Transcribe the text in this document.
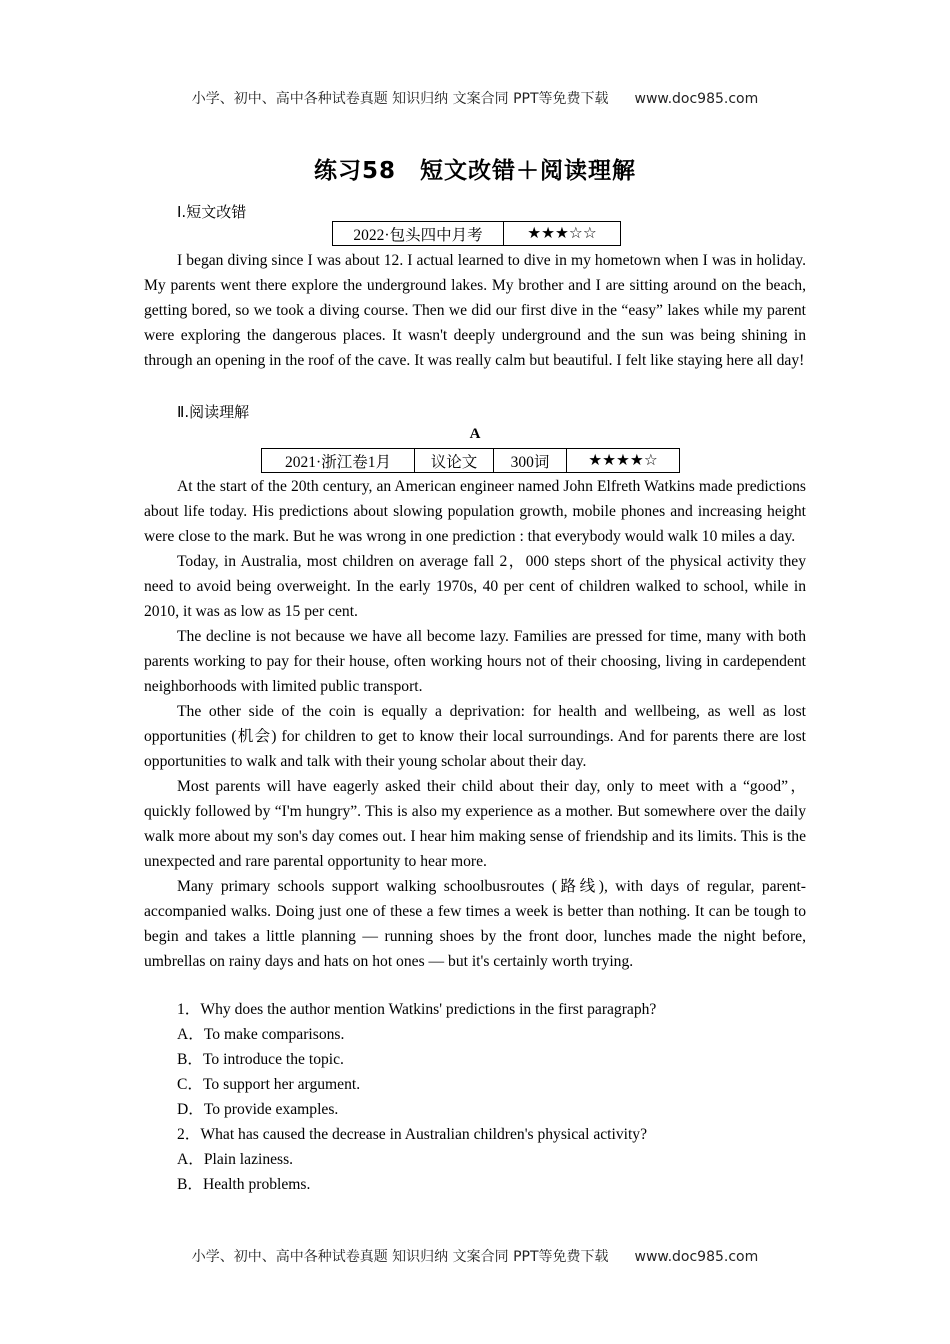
小学、初中、高中各种试卷真题 知识归纳 文案合同 PPT等免费下载 www.doc985.com
练习58　短文改错＋阅读理解
Ⅰ.短文改错
2022·包头四中月考	★★★☆☆

I began diving since I was about 12. I actual learned to dive in my hometown when I was in holiday. My parents went there explore the underground lakes. My brother and I are sitting around on the beach, getting bored, so we took a diving course. Then we did our first dive in the “easy” lakes while my parent were exploring the dangerous places. It wasn't deeply underground and the sun was being shining in through an opening in the roof of the cave. It was really calm but beautiful. I felt like staying here all day!

Ⅱ.阅读理解
A
2021·浙江卷1月	议论文	300词	★★★★☆

At the start of the 20th century, an American engineer named John Elfreth Watkins made predictions about life today. His predictions about slowing population growth, mobile phones and increasing height were close to the mark. But he was wrong in one prediction : that everybody would walk 10 miles a day.

Today, in Australia, most children on average fall 2，000 steps short of the physical activity they need to avoid being overweight. In the early 1970s, 40 per cent of children walked to school, while in 2010, it was as low as 15 per cent.

The decline is not because we have all become lazy. Families are pressed for time, many with both parents working to pay for their house, often working hours not of their choosing, living in cardependent neighborhoods with limited public transport.

The other side of the coin is equally a deprivation: for health and wellbeing, as well as lost opportunities (机会) for children to get to know their local surroundings. And for parents there are lost opportunities to walk and talk with their young scholar about their day.

Most parents will have eagerly asked their child about their day, only to meet with a “good”， quickly followed by “I'm hungry”. This is also my experience as a mother. But somewhere over the daily walk more about my son's day comes out. I hear him making sense of friendship and its limits. This is the unexpected and rare parental opportunity to hear more.

Many primary schools support walking schoolbusroutes (路线), with days of regular, parent-accompanied walks. Doing just one of these a few times a week is better than nothing. It can be tough to begin and takes a little planning — running shoes by the front door, lunches made the night before, umbrellas on rainy days and hats on hot ones — but it's certainly worth trying.

1．Why does the author mention Watkins' predictions in the first paragraph?
A．To make comparisons.
B．To introduce the topic.
C．To support her argument.
D．To provide examples.
2．What has caused the decrease in Australian children's physical activity?
A．Plain laziness.
B．Health problems.
小学、初中、高中各种试卷真题 知识归纳 文案合同 PPT等免费下载 www.doc985.com
